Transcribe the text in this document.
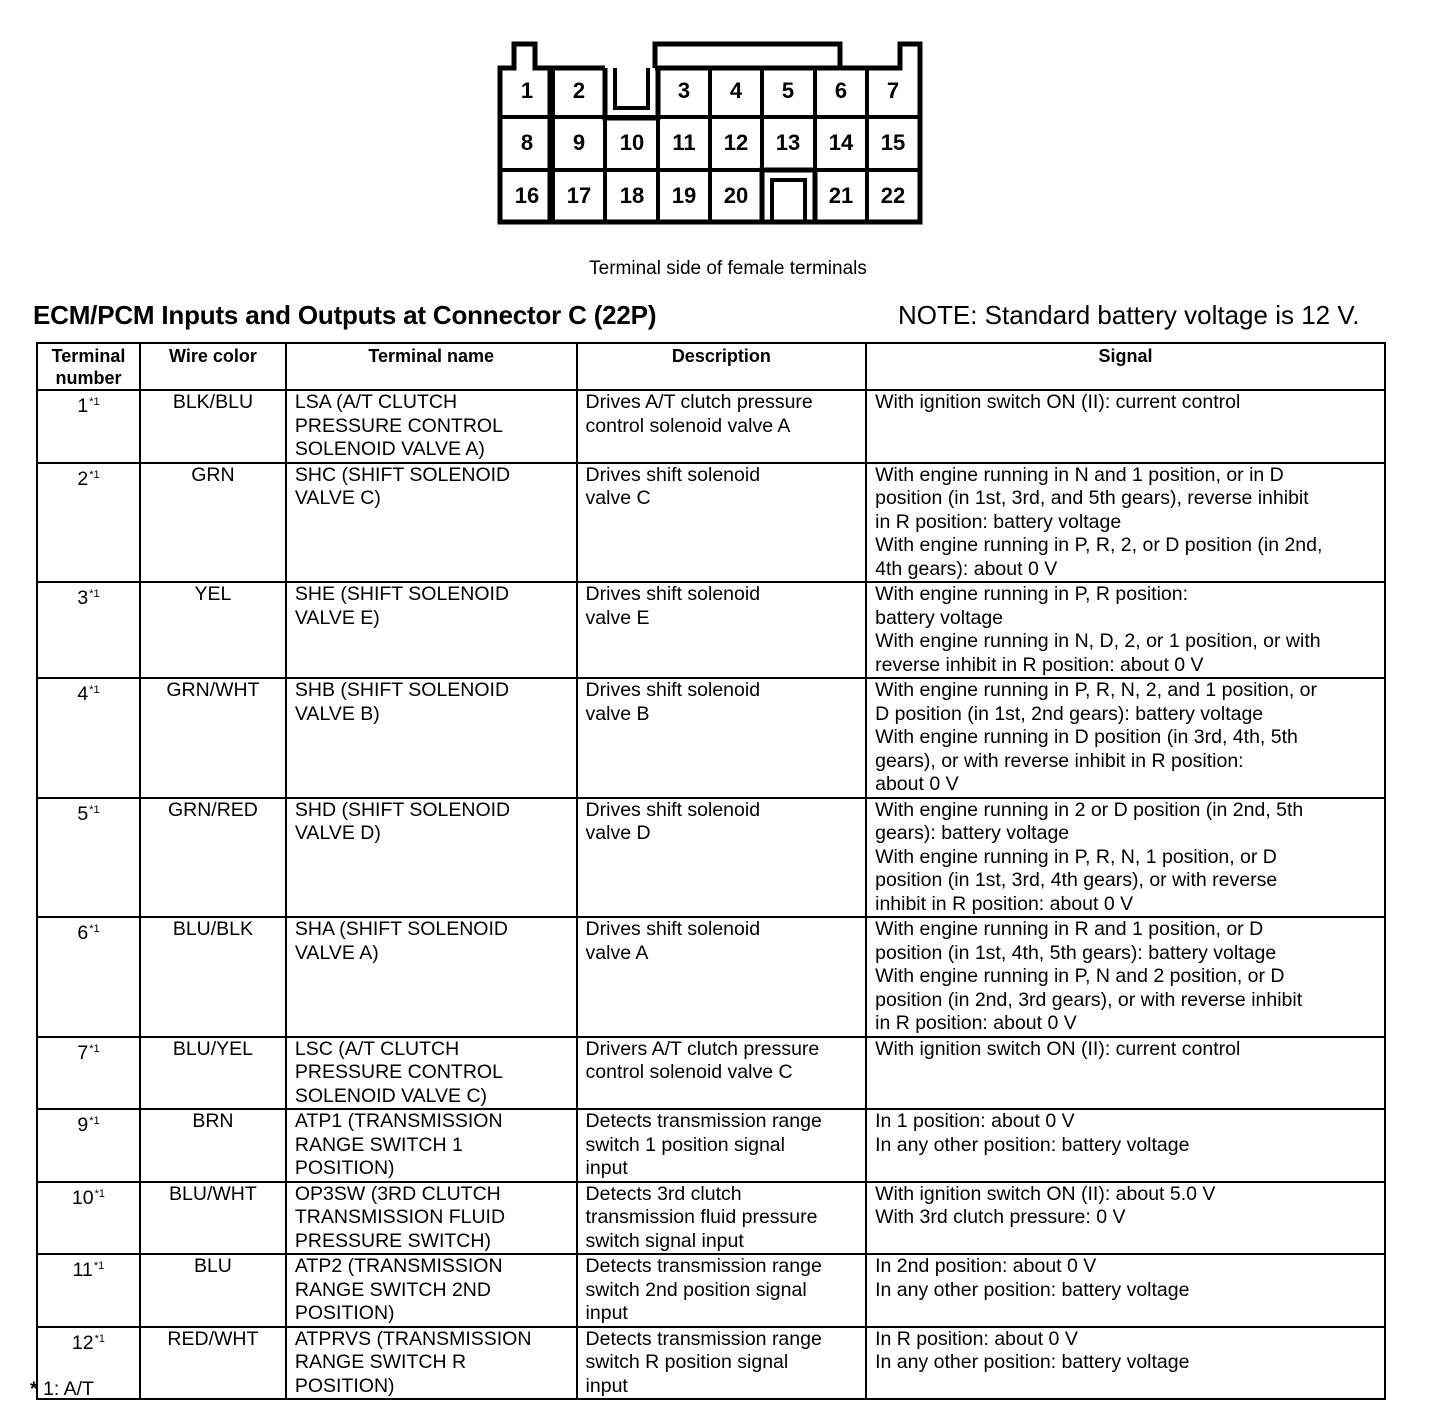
1 2	3 4 5 6 7
8 9 10 11 12 13 14 15
16 17 18 19 20	21 22
Terminal side of female terminals
ECM/PCM Inputs and Outputs at Connector C (22P)	NOTE: Standard battery voltage is 12 V.
Terminal number	Wire color	Terminal name	Description	Signal
1$^{*1}$	BLK/BLU	LSA (A/T CLUTCH
PRESSURE CONTROL
SOLENOID VALVE A)	Drives A/T clutch pressure
control solenoid valve A	With ignition switch ON (II): current control

2$^{*1}$	GRN	SHC (SHIFT SOLENOID
VALVE C)	Drives shift solenoid
valve C	With engine running in N and 1 position, or in D
position (in 1st, 3rd, and 5th gears), reverse inhibit
in R position: battery voltage
With engine running in P, R, 2, or D position (in 2nd,
4th gears): about 0 V

3$^{*1}$	YEL	SHE (SHIFT SOLENOID
VALVE E)	Drives shift solenoid
valve E	With engine running in P, R position:
battery voltage
With engine running in N, D, 2, or 1 position, or with
reverse inhibit in R position: about 0 V

4$^{*1}$	GRN/WHT	SHB (SHIFT SOLENOID
VALVE B)	Drives shift solenoid
valve B	With engine running in P, R, N, 2, and 1 position, or
D position (in 1st, 2nd gears): battery voltage
With engine running in D position (in 3rd, 4th, 5th
gears), or with reverse inhibit in R position:
about 0 V

5$^{*1}$	GRN/RED	SHD (SHIFT SOLENOID
VALVE D)	Drives shift solenoid
valve D	With engine running in 2 or D position (in 2nd, 5th
gears): battery voltage
With engine running in P, R, N, 1 position, or D
position (in 1st, 3rd, 4th gears), or with reverse
inhibit in R position: about 0 V

6$^{*1}$	BLU/BLK	SHA (SHIFT SOLENOID
VALVE A)	Drives shift solenoid
valve A	With engine running in R and 1 position, or D
position (in 1st, 4th, 5th gears): battery voltage
With engine running in P, N and 2 position, or D
position (in 2nd, 3rd gears), or with reverse inhibit
in R position: about 0 V

7$^{*1}$	BLU/YEL	LSC (A/T CLUTCH
PRESSURE CONTROL
SOLENOID VALVE C)	Drivers A/T clutch pressure
control solenoid valve C	With ignition switch ON (II): current control

9$^{*1}$	BRN	ATP1 (TRANSMISSION
RANGE SWITCH 1
POSITION)	Detects transmission range
switch 1 position signal
input	In 1 position: about 0 V
In any other position: battery voltage

10$^{*1}$	BLU/WHT	OP3SW (3RD CLUTCH
TRANSMISSION FLUID
PRESSURE SWITCH)	Detects 3rd clutch
transmission fluid pressure
switch signal input	With ignition switch ON (II): about 5.0 V
With 3rd clutch pressure: 0 V

11$^{*1}$	BLU	ATP2 (TRANSMISSION
RANGE SWITCH 2ND
POSITION)	Detects transmission range
switch 2nd position signal
input	In 2nd position: about 0 V
In any other position: battery voltage

12$^{*1}$	RED/WHT	ATPRVS (TRANSMISSION
RANGE SWITCH R
POSITION)	Detects transmission range
switch R position signal
input	In R position: about 0 V
In any other position: battery voltage
* 1: A/T
